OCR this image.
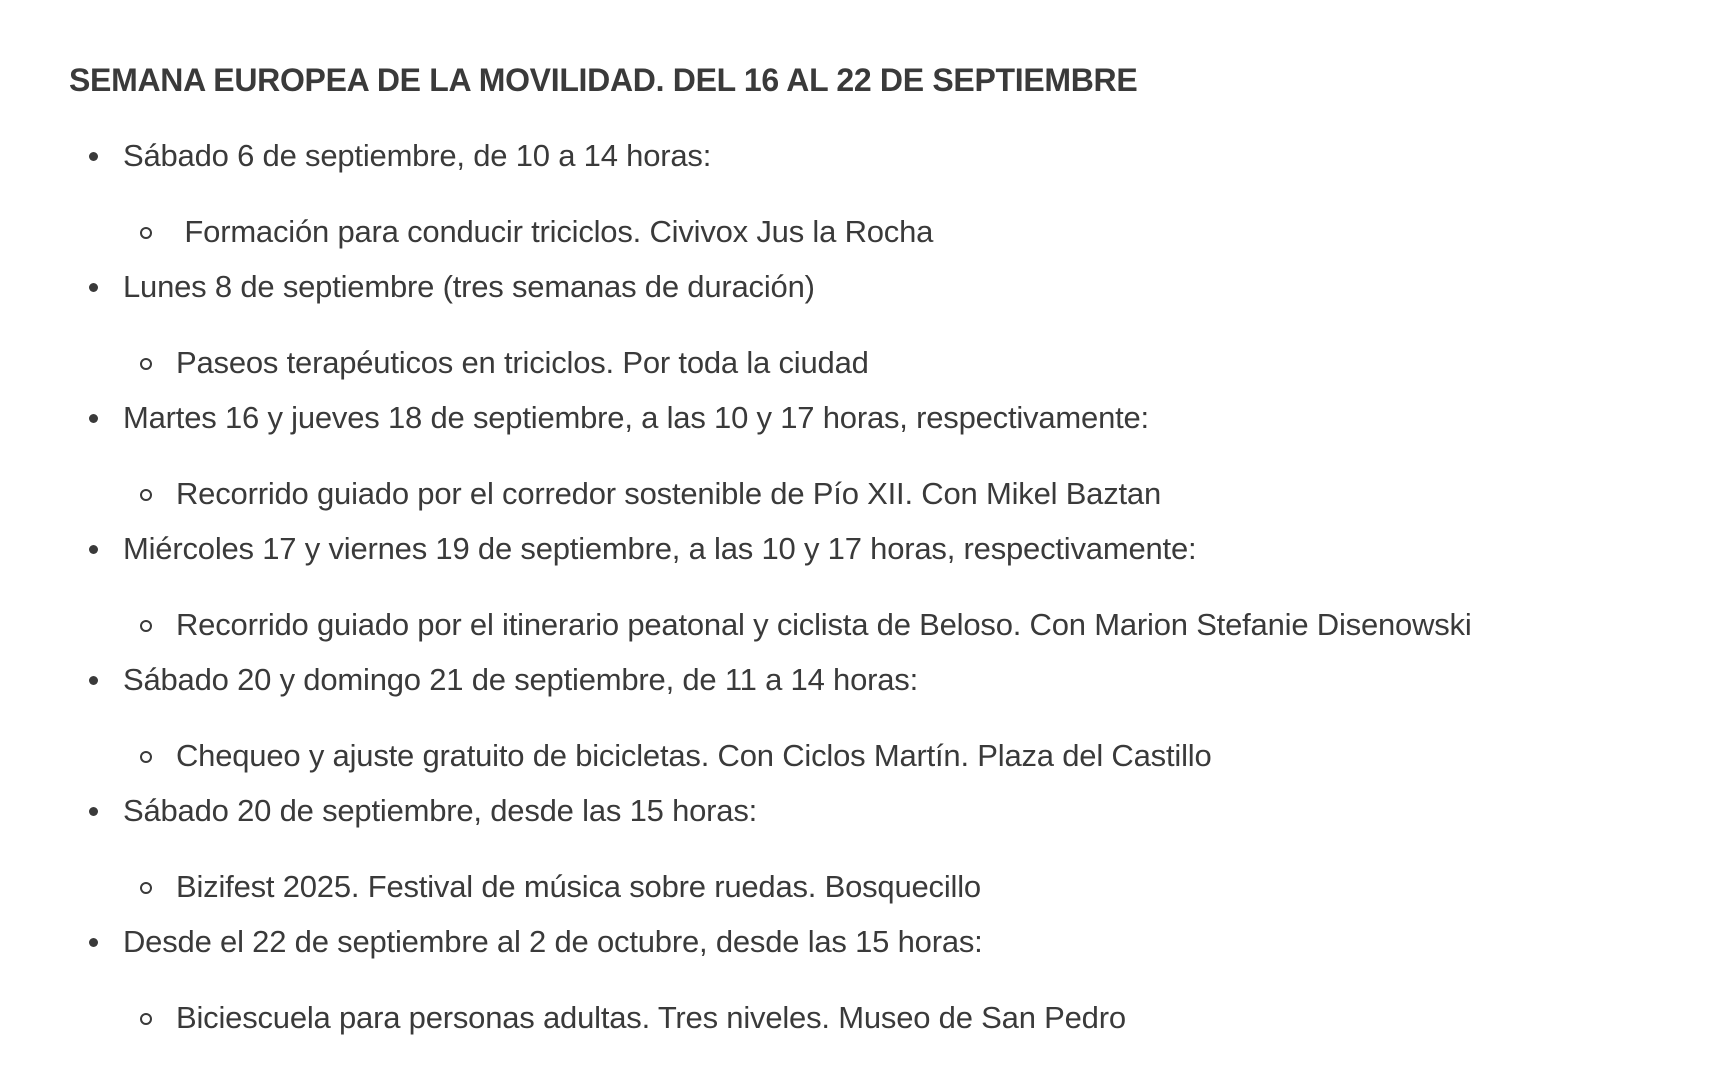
SEMANA EUROPEA DE LA MOVILIDAD. DEL 16 AL 22 DE SEPTIEMBRE
Sábado 6 de septiembre, de 10 a 14 horas:
Formación para conducir triciclos. Civivox Jus la Rocha
Lunes 8 de septiembre (tres semanas de duración)
Paseos terapéuticos en triciclos. Por toda la ciudad
Martes 16 y jueves 18 de septiembre, a las 10 y 17 horas, respectivamente:
Recorrido guiado por el corredor sostenible de Pío XII. Con Mikel Baztan
Miércoles 17 y viernes 19 de septiembre, a las 10 y 17 horas, respectivamente:
Recorrido guiado por el itinerario peatonal y ciclista de Beloso. Con Marion Stefanie Disenowski
Sábado 20 y domingo 21 de septiembre, de 11 a 14 horas:
Chequeo y ajuste gratuito de bicicletas. Con Ciclos Martín. Plaza del Castillo
Sábado 20 de septiembre, desde las 15 horas:
Bizifest 2025. Festival de música sobre ruedas. Bosquecillo
Desde el 22 de septiembre al 2 de octubre, desde las 15 horas:
Biciescuela para personas adultas. Tres niveles. Museo de San Pedro
